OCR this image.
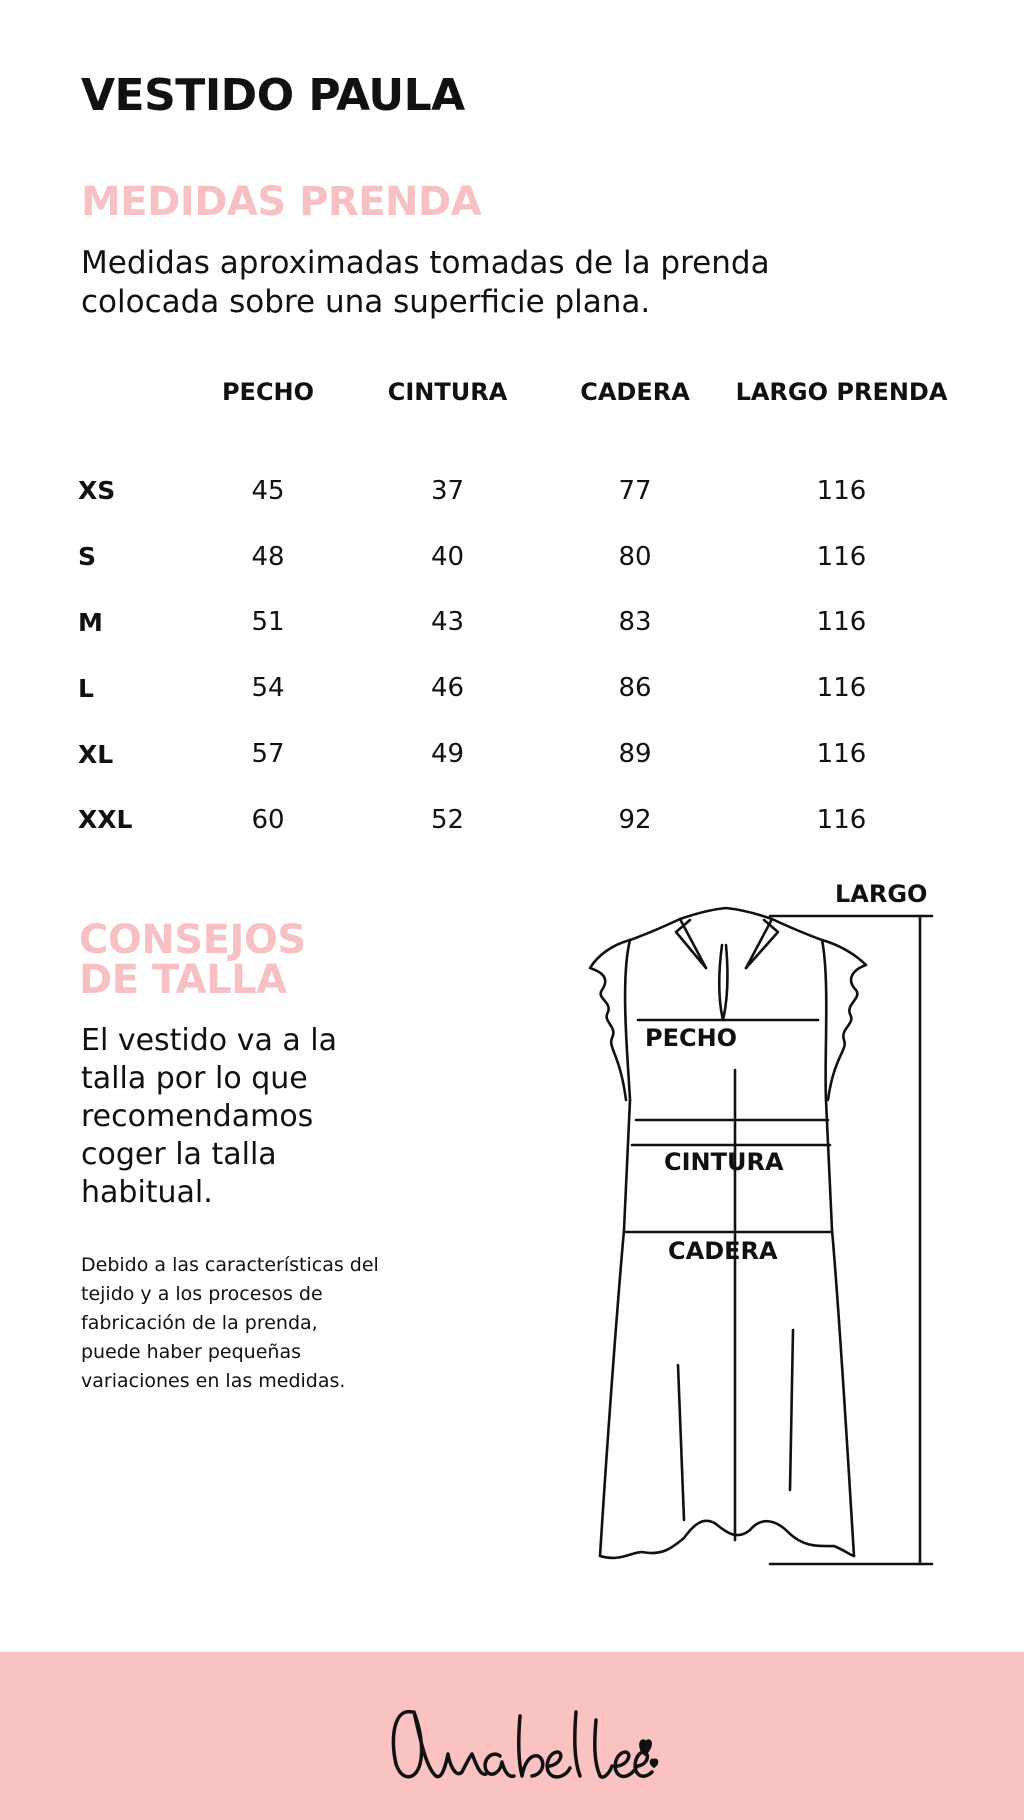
VESTIDO PAULA
MEDIDAS PRENDA

Medidas aproximadas tomadas de la prenda colocada sobre una superficie plana.

	PECHO	CINTURA	CADERA	LARGO PRENDA
XS	45	37	77	116
S	48	40	80	116
M	51	43	83	116
L	54	46	86	116
XL	57	49	89	116
XXL	60	52	92	116
CONSEJOS
DE TALLA

El vestido va a la talla por lo que recomendamos coger la talla habitual.

Debido a las características del tejido y a los procesos de fabricación de la prenda, puede haber pequeñas variaciones en las medidas.

LARGO
PECHO
CINTURA
CADERA
